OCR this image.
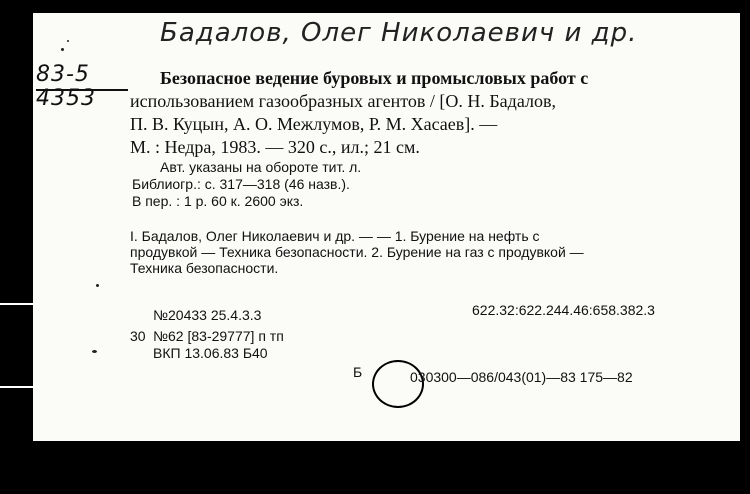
Бадалов, Олег Николаевич и др.
83-5
4353
Безопасное ведение буровых и промысловых работ с
использованием газообразных агентов / [О. Н. Бадалов,
П. В. Куцын, А. О. Межлумов, Р. М. Хасаев]. —
М. : Недра, 1983. — 320 с., ил.; 21 см.
Авт. указаны на обороте тит. л.
Библиогр.: с. 317—318 (46 назв.).
В пер. : 1 р. 60 к. 2600 экз.
I. Бадалов, Олег Николаевич и др. — — 1. Бурение на нефть с
продувкой — Техника безопасности. 2. Бурение на газ с продувкой —
Техника безопасности.
622.32:622.244.46:658.382.3
№20433 25.4.3.3
30 №62 [83-29777] п тп
ВКП 13.06.83 Б40
Б	030300—086/043(01)—83 175—82
